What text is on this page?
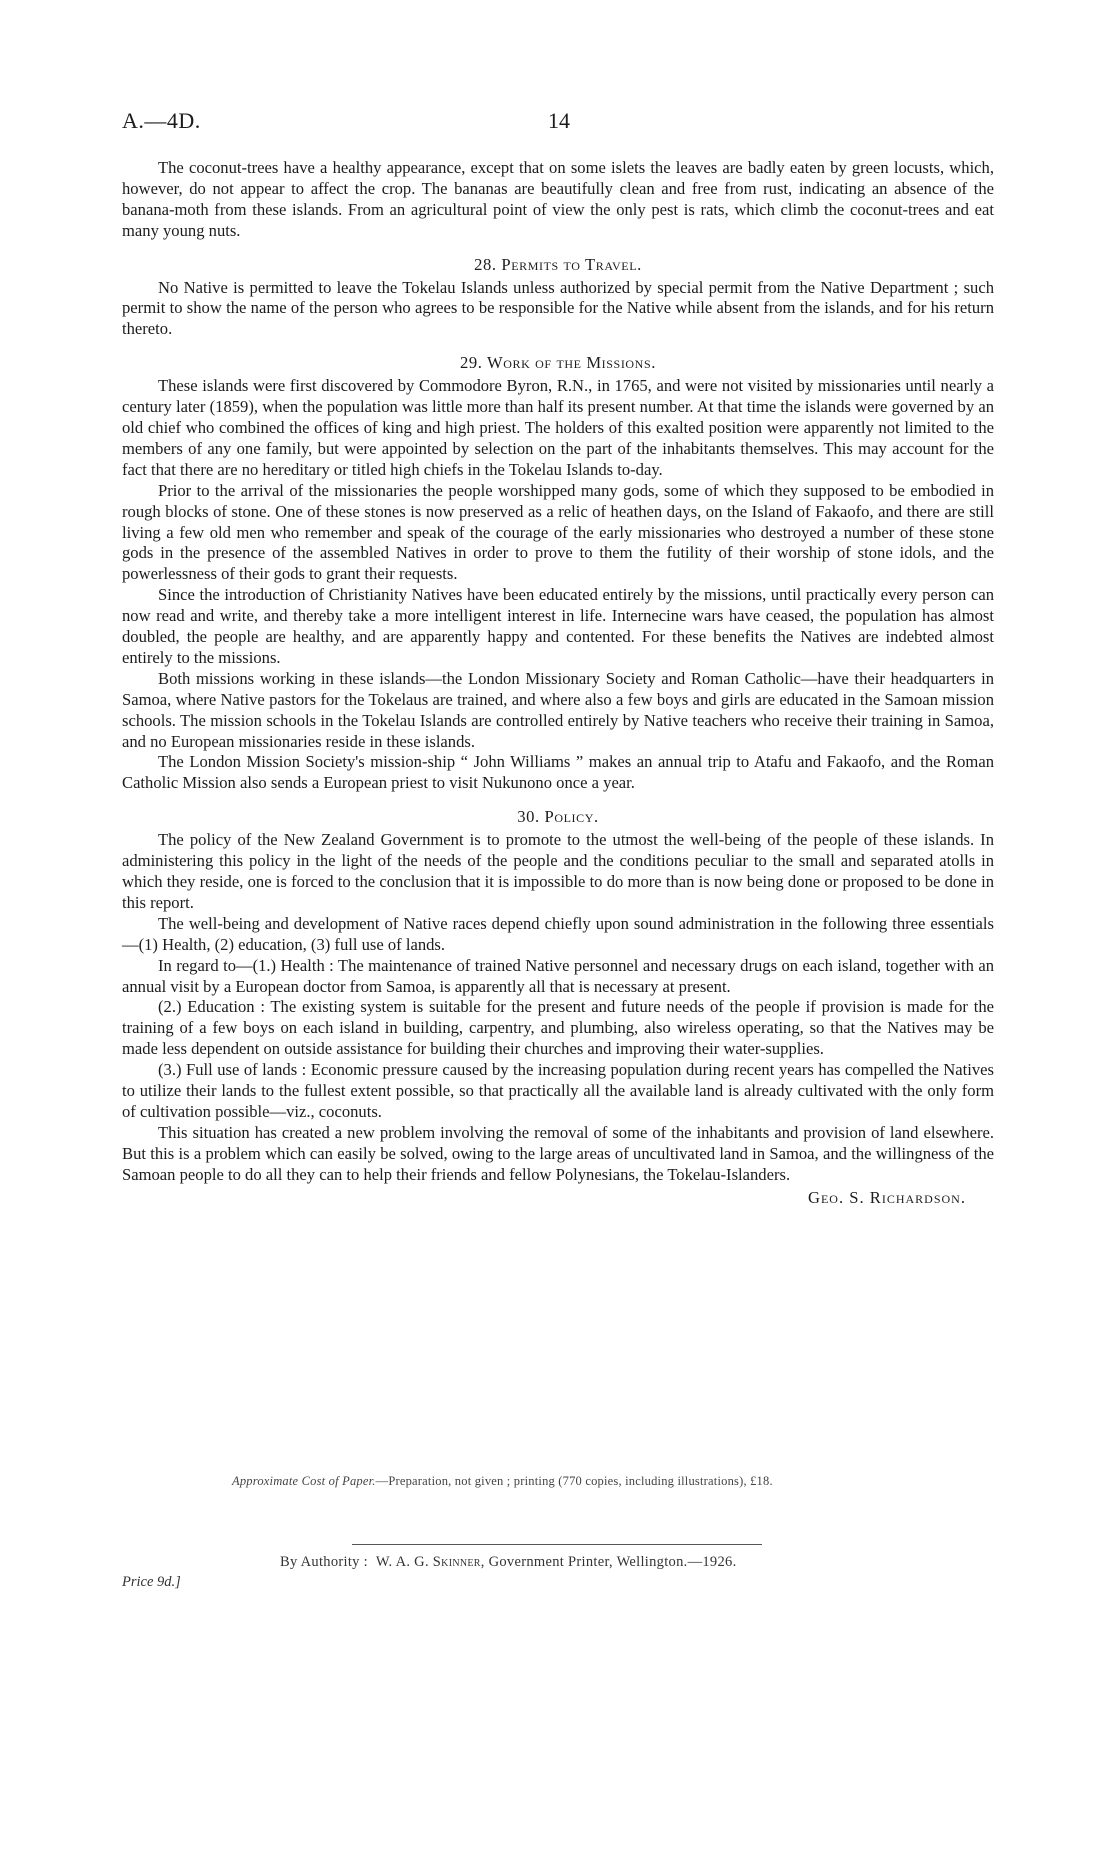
A.—4D.	14

The coconut-trees have a healthy appearance, except that on some islets the leaves are badly eaten by green locusts, which, however, do not appear to affect the crop. The bananas are beautifully clean and free from rust, indicating an absence of the banana-moth from these islands. From an agricultural point of view the only pest is rats, which climb the coconut-trees and eat many young nuts.

28. Permits to Travel.

No Native is permitted to leave the Tokelau Islands unless authorized by special permit from the Native Department ; such permit to show the name of the person who agrees to be responsible for the Native while absent from the islands, and for his return thereto.

29. Work of the Missions.

These islands were first discovered by Commodore Byron, R.N., in 1765, and were not visited by missionaries until nearly a century later (1859), when the population was little more than half its present number. At that time the islands were governed by an old chief who combined the offices of king and high priest. The holders of this exalted position were apparently not limited to the members of any one family, but were appointed by selection on the part of the inhabitants themselves. This may account for the fact that there are no hereditary or titled high chiefs in the Tokelau Islands to-day.

Prior to the arrival of the missionaries the people worshipped many gods, some of which they supposed to be embodied in rough blocks of stone. One of these stones is now preserved as a relic of heathen days, on the Island of Fakaofo, and there are still living a few old men who remember and speak of the courage of the early missionaries who destroyed a number of these stone gods in the presence of the assembled Natives in order to prove to them the futility of their worship of stone idols, and the powerlessness of their gods to grant their requests.

Since the introduction of Christianity Natives have been educated entirely by the missions, until practically every person can now read and write, and thereby take a more intelligent interest in life. Internecine wars have ceased, the population has almost doubled, the people are healthy, and are apparently happy and contented. For these benefits the Natives are indebted almost entirely to the missions.

Both missions working in these islands—the London Missionary Society and Roman Catholic—have their headquarters in Samoa, where Native pastors for the Tokelaus are trained, and where also a few boys and girls are educated in the Samoan mission schools. The mission schools in the Tokelau Islands are controlled entirely by Native teachers who receive their training in Samoa, and no European missionaries reside in these islands.

The London Mission Society's mission-ship “ John Williams ” makes an annual trip to Atafu and Fakaofo, and the Roman Catholic Mission also sends a European priest to visit Nukunono once a year.

30. Policy.

The policy of the New Zealand Government is to promote to the utmost the well-being of the people of these islands. In administering this policy in the light of the needs of the people and the conditions peculiar to the small and separated atolls in which they reside, one is forced to the conclusion that it is impossible to do more than is now being done or proposed to be done in this report.

The well-being and development of Native races depend chiefly upon sound administration in the following three essentials—(1) Health, (2) education, (3) full use of lands.

In regard to—(1.) Health : The maintenance of trained Native personnel and necessary drugs on each island, together with an annual visit by a European doctor from Samoa, is apparently all that is necessary at present.

(2.) Education : The existing system is suitable for the present and future needs of the people if provision is made for the training of a few boys on each island in building, carpentry, and plumbing, also wireless operating, so that the Natives may be made less dependent on outside assistance for building their churches and improving their water-supplies.

(3.) Full use of lands : Economic pressure caused by the increasing population during recent years has compelled the Natives to utilize their lands to the fullest extent possible, so that practically all the available land is already cultivated with the only form of cultivation possible—viz., coconuts.

This situation has created a new problem involving the removal of some of the inhabitants and provision of land elsewhere. But this is a problem which can easily be solved, owing to the large areas of uncultivated land in Samoa, and the willingness of the Samoan people to do all they can to help their friends and fellow Polynesians, the Tokelau-Islanders.

Geo. S. Richardson.
Approximate Cost of Paper.—Preparation, not given ; printing (770 copies, including illustrations), £18.
By Authority : W. A. G. Skinner, Government Printer, Wellington.—1926.
Price 9d.]
